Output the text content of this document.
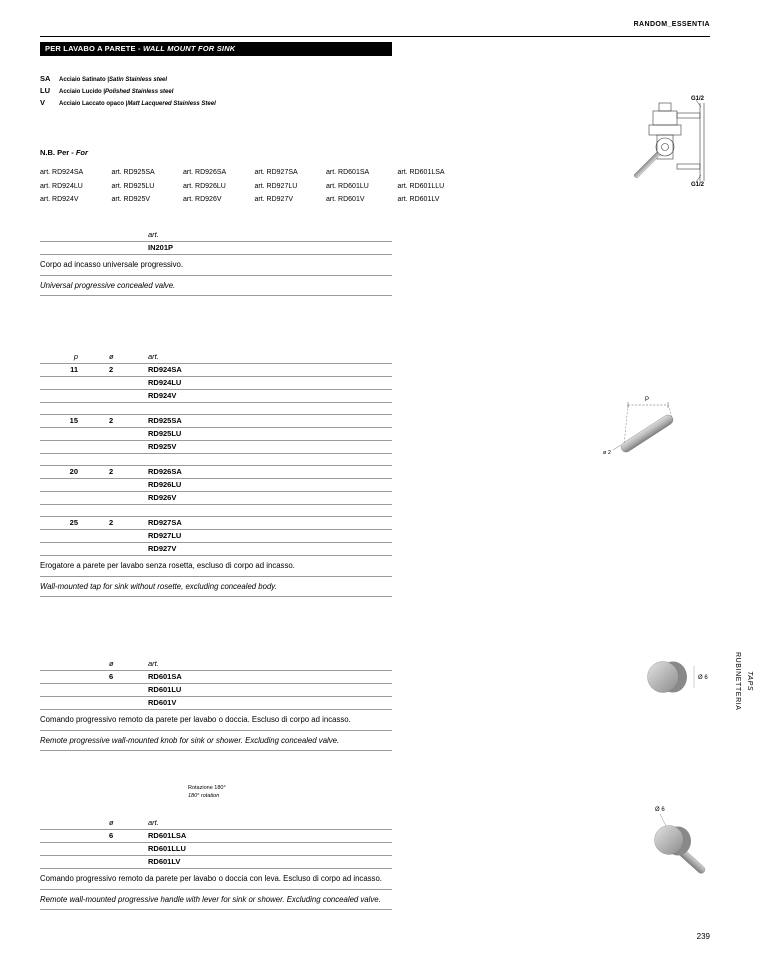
RANDOM_ESSENTIA
PER LAVABO A PARETE - WALL MOUNT FOR SINK
SA	Acciaio Satinato | Satin Stainless steel
LU	Acciaio Lucido | Polished Stainless steel
V	Acciaio Laccato opaco | Matt Lacquered Stainless Steel
N.B. Per - For
art. RD924SA	art. RD925SA	art. RD926SA	art. RD927SA	art. RD601SA	art. RD601LSA
art. RD924LU	art. RD925LU	art. RD926LU	art. RD927LU	art. RD601LU	art. RD601LLU
art. RD924V	art. RD925V	art. RD926V	art. RD927V	art. RD601V	art. RD601LV
art.
IN201P
Corpo ad incasso universale progressivo.
Universal progressive concealed valve.
p	ø	art.
11	2	RD924SA
RD924LU
RD924V
15	2	RD925SA
RD925LU
RD925V
20	2	RD926SA
RD926LU
RD926V
25	2	RD927SA
RD927LU
RD927V
Erogatore a parete per lavabo senza rosetta, escluso di corpo ad incasso.
Wall-mounted tap for sink without rosette, excluding concealed body.
ø	art.
6	RD601SA
RD601LU
RD601V
Comando progressivo remoto da parete per lavabo o doccia. Escluso di corpo ad incasso.
Remote progressive wall-mounted knob for sink or shower. Excluding concealed valve.
Rotazione 180°
180° rotation
ø	art.
6	RD601LSA
RD601LLU
RD601LV
Comando progressivo remoto da parete per lavabo o doccia con leva. Escluso di corpo ad incasso.
Remote wall-mounted progressive handle with lever for sink or shower. Excluding concealed valve.
G1/2
G1/2
P
ø 2
Ø 6
Ø 6
RUBINETTERIA TAPS
239
